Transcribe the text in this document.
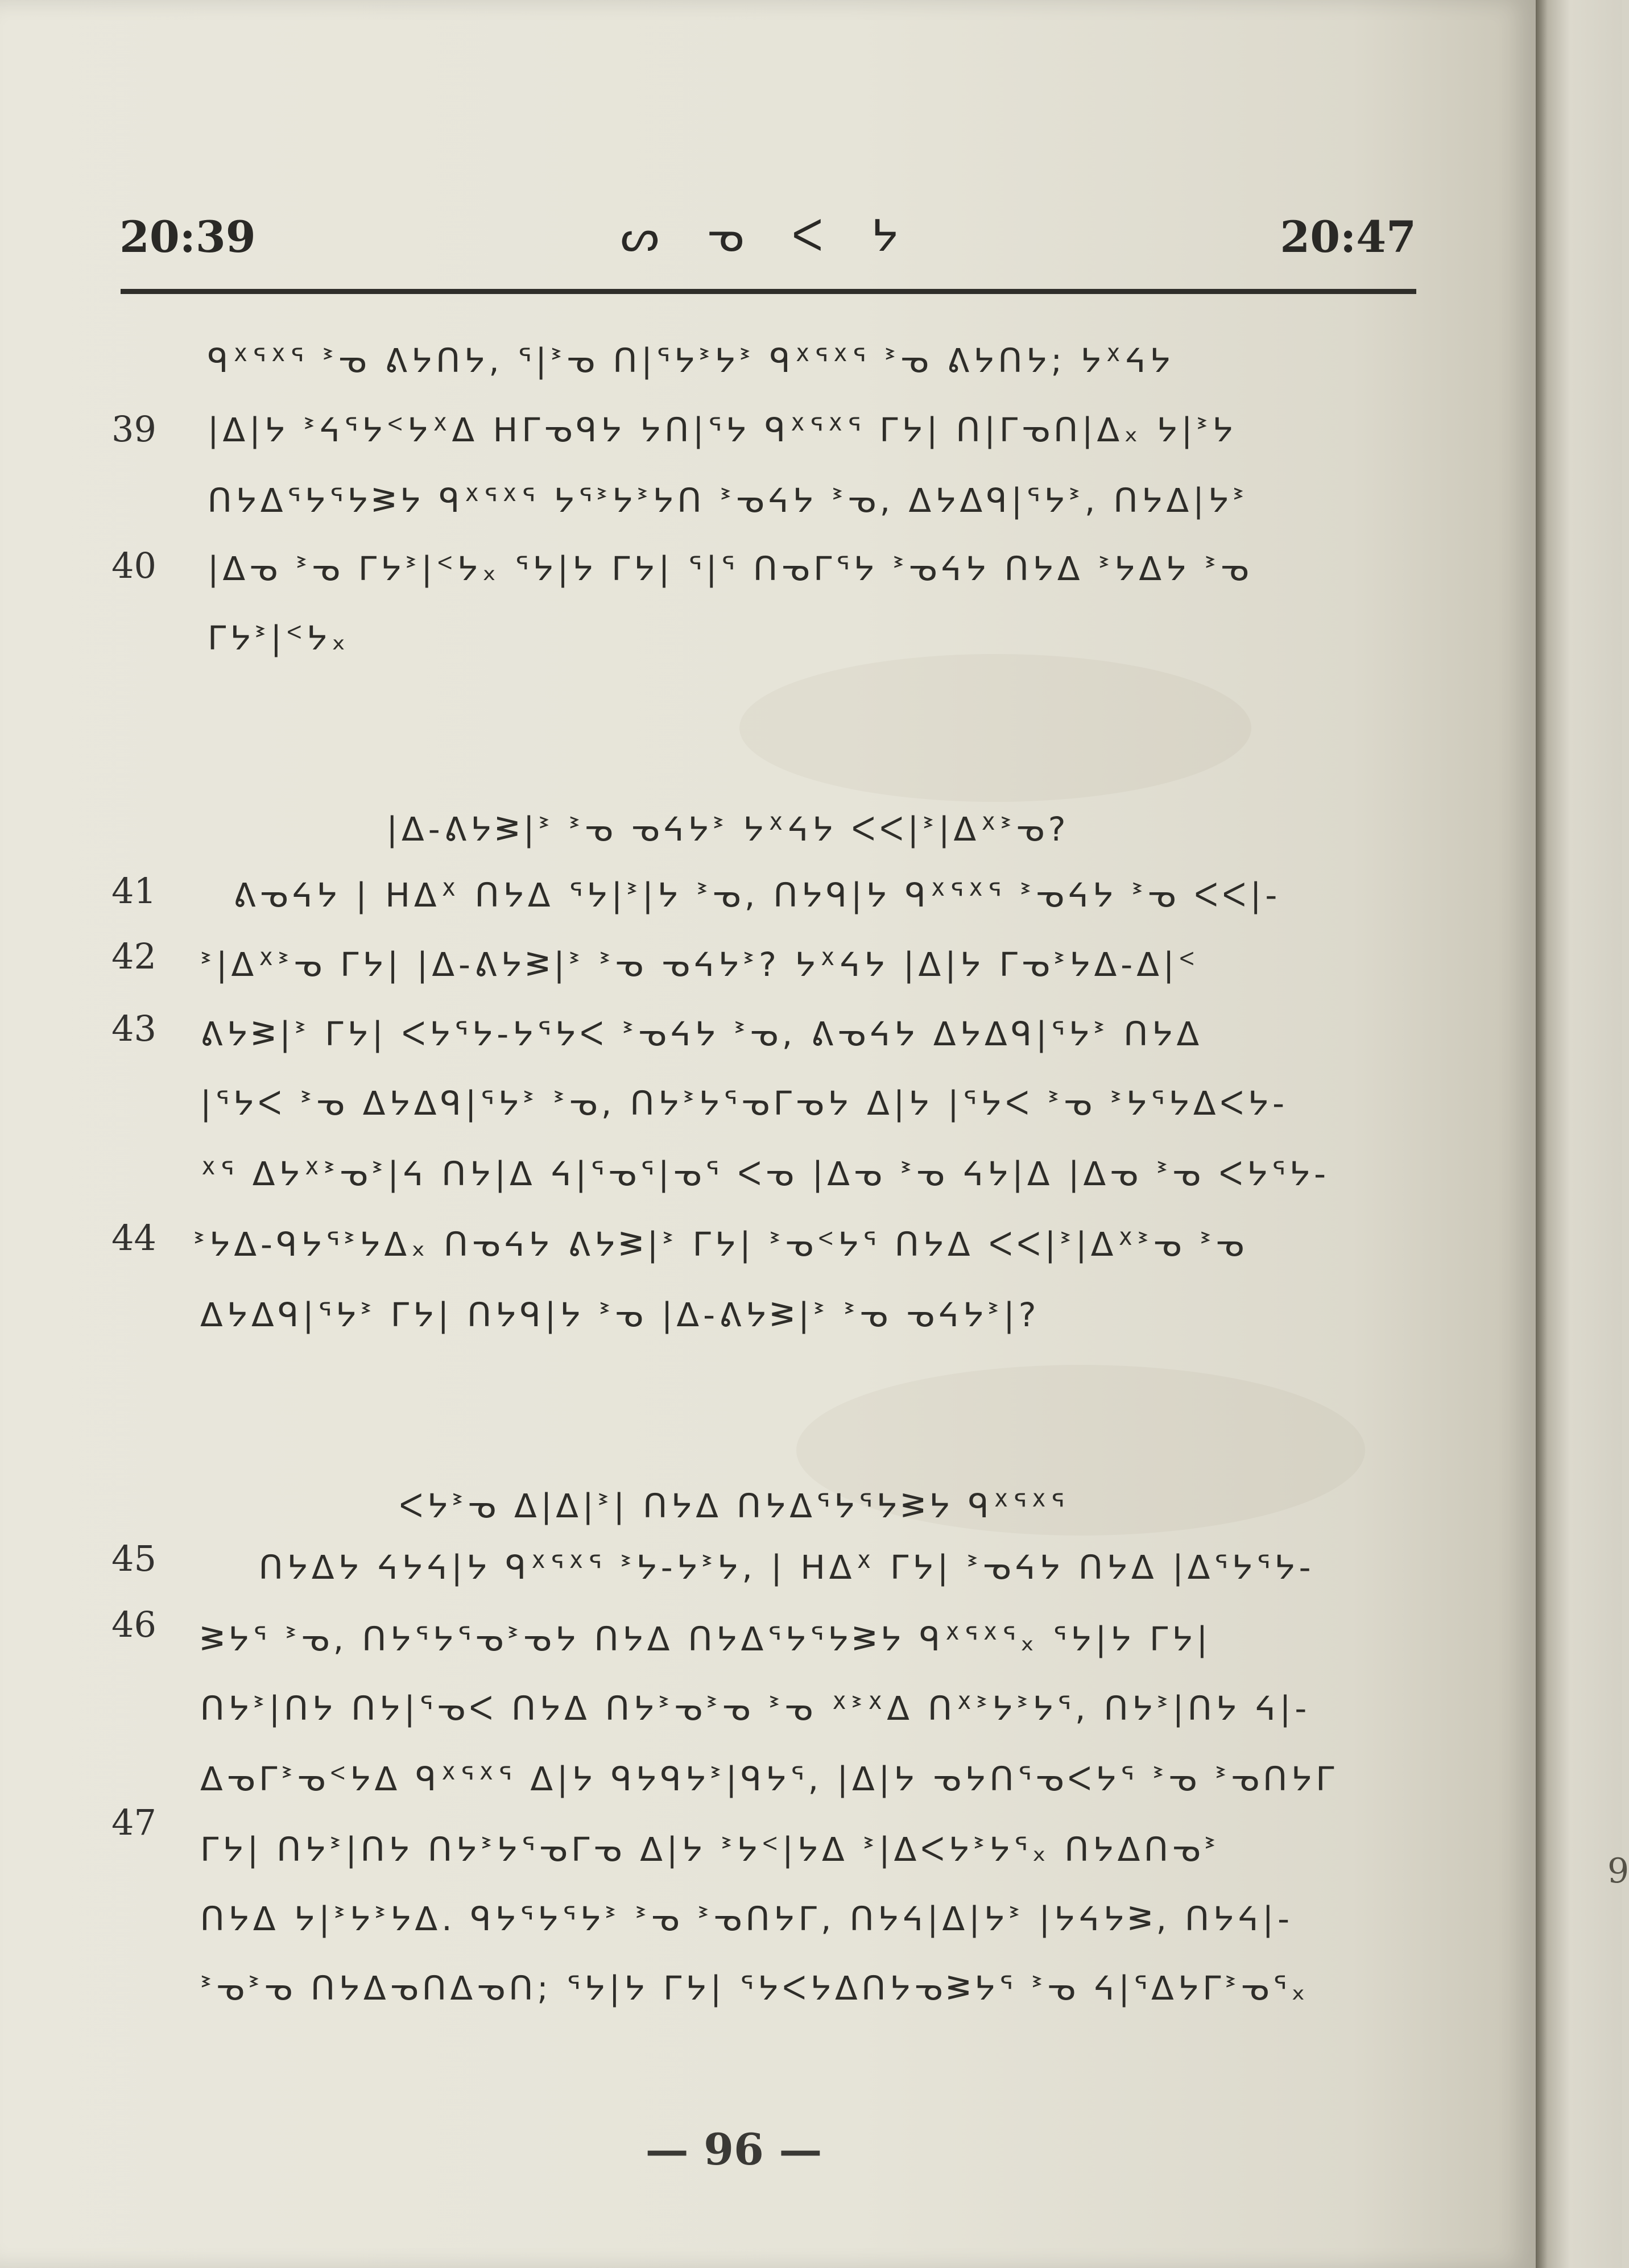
20:39	ᔕ ᓀ ᐸ ᔭ	20:47
ᑫᕁᕐᕁᕐ ᕑᓀ ᕕᔭᑎᔭ, ᕐ|ᕑᓀ ᑎ|ᕐᔭᕑᔭᕑ ᑫᕁᕐᕁᕐ ᕑᓀ ᕕᔭᑎᔭ; ᔭᕁᔦᔭ
39 |ᐃ|ᔭ ᕑᔦᕐᔭᑉᔭᕁᐃ ᕼᒥᓀᑫᔭ ᔭᑎ|ᕐᔭ ᑫᕁᕐᕁᕐ ᒥᔭ| ᑎ|ᒥᓀᑎ|ᐃ᙮ ᔭ|ᕑᔭ
ᑎᔭᐃᕐᔭᕐᔭᕒᔭ ᑫᕁᕐᕁᕐ ᔭᕐᕑᔭᕑᔭᑎ ᕑᓀᔦᔭ ᕑᓀ, ᐃᔭᐃᑫ|ᕐᔭᕑ, ᑎᔭᐃ|ᔭᕑ
40 |ᐃᓀ ᕑᓀ ᒥᔭᕑ|ᑉᔭ᙮ ᕐᔭ|ᔭ ᒥᔭ| ᕐ|ᕐ ᑎᓀᒥᕐᔭ ᕑᓀᔦᔭ ᑎᔭᐃ ᕑᔭᐃᔭ ᕑᓀ
ᒥᔭᕑ|ᑉᔭ᙮
|ᐃ-ᕕᔭᕒ|ᕑ ᕑᓀ ᓀᔦᔭᕑ ᔭᕁᔦᔭ ᐸᐸ|ᕑ|ᐃᕁᕑᓀ?
41 ᕕᓀᔦᔭ | ᕼᐃᕁ ᑎᔭᐃ ᕐᔭ|ᕑ|ᔭ ᕑᓀ, ᑎᔭᑫ|ᔭ ᑫᕁᕐᕁᕐ ᕑᓀᔦᔭ ᕑᓀ ᐸᐸ|-
42 ᕑ|ᐃᕁᕑᓀ ᒥᔭ| |ᐃ-ᕕᔭᕒ|ᕑ ᕑᓀ ᓀᔦᔭᕑ? ᔭᕁᔦᔭ |ᐃ|ᔭ ᒥᓀᕑᔭᐃ-ᐃ|ᑉ
43 ᕕᔭᕒ|ᕑ ᒥᔭ| ᐸᔭᕐᔭ-ᔭᕐᔭᐸ ᕑᓀᔦᔭ ᕑᓀ, ᕕᓀᔦᔭ ᐃᔭᐃᑫ|ᕐᔭᕑ ᑎᔭᐃ
|ᕐᔭᐸ ᕑᓀ ᐃᔭᐃᑫ|ᕐᔭᕑ ᕑᓀ, ᑎᔭᕑᔭᕐᓀᒥᓀᔭ ᐃ|ᔭ |ᕐᔭᐸ ᕑᓀ ᕑᔭᕐᔭᐃᐸᔭ-
ᕁᕐ ᐃᔭᕁᕑᓀᕑ|ᔦ ᑎᔭ|ᐃ ᔦ|ᕐᓀᕐ|ᓀᕐ ᐸᓀ |ᐃᓀ ᕑᓀ ᔦᔭ|ᐃ |ᐃᓀ ᕑᓀ ᐸᔭᕐᔭ-
44 ᕑᔭᐃ-ᑫᔭᕐᕑᔭᐃ᙮ ᑎᓀᔦᔭ ᕕᔭᕒ|ᕑ ᒥᔭ| ᕑᓀᑉᔭᕐ ᑎᔭᐃ ᐸᐸ|ᕑ|ᐃᕁᕑᓀ ᕑᓀ
ᐃᔭᐃᑫ|ᕐᔭᕑ ᒥᔭ| ᑎᔭᑫ|ᔭ ᕑᓀ |ᐃ-ᕕᔭᕒ|ᕑ ᕑᓀ ᓀᔦᔭᕑ|?
ᐸᔭᕑᓀ ᐃ|ᐃ|ᕑ| ᑎᔭᐃ ᑎᔭᐃᕐᔭᕐᔭᕒᔭ ᑫᕁᕐᕁᕐ
45	ᑎᔭᐃᔭ ᔦᔭᔦ|ᔭ ᑫᕁᕐᕁᕐ ᕑᔭ-ᔭᕑᔭ, | ᕼᐃᕁ ᒥᔭ| ᕑᓀᔦᔭ ᑎᔭᐃ |ᐃᕐᔭᕐᔭ-
46 ᕒᔭᕐ ᕑᓀ, ᑎᔭᕐᔭᕐᓀᕑᓀᔭ ᑎᔭᐃ ᑎᔭᐃᕐᔭᕐᔭᕒᔭ ᑫᕁᕐᕁᕐ᙮ ᕐᔭ|ᔭ ᒥᔭ|
ᑎᔭᕑ|ᑎᔭ ᑎᔭ|ᕐᓀᐸ ᑎᔭᐃ ᑎᔭᕑᓀᕑᓀ ᕑᓀ ᕁᕑᕁᐃ ᑎᕁᕑᔭᕑᔭᕐ, ᑎᔭᕑ|ᑎᔭ ᔦ|-
ᐃᓀᒥᕑᓀᑉᔭᐃ ᑫᕁᕐᕁᕐ ᐃ|ᔭ ᑫᔭᑫᔭᕑ|ᑫᔭᕐ, |ᐃ|ᔭ ᓀᔭᑎᕐᓀᐸᔭᕐ ᕑᓀ ᕑᓀᑎᔭᒥ
47
ᒥᔭ| ᑎᔭᕑ|ᑎᔭ ᑎᔭᕑᔭᕐᓀᒥᓀ ᐃ|ᔭ ᕑᔭᑉ|ᔭᐃ ᕑ|ᐃᐸᔭᕑᔭᕐ᙮ ᑎᔭᐃᑎᓀᕑ
ᑎᔭᐃ ᔭ|ᕑᔭᕑᔭᐃ. ᑫᔭᕐᔭᕐᔭᕑ ᕑᓀ ᕑᓀᑎᔭᒥ, ᑎᔭᔦ|ᐃ|ᔭᕑ |ᔭᔦᔭᕒ, ᑎᔭᔦ|-
ᕑᓀᕑᓀ ᑎᔭᐃᓀᑎᐃᓀᑎ; ᕐᔭ|ᔭ ᒥᔭ| ᕐᔭᐸᔭᐃᑎᔭᓀᕒᔭᕐ ᕑᓀ ᔦ|ᕐᐃᔭᒥᕑᓀᕐ᙮
— 96 —
9
